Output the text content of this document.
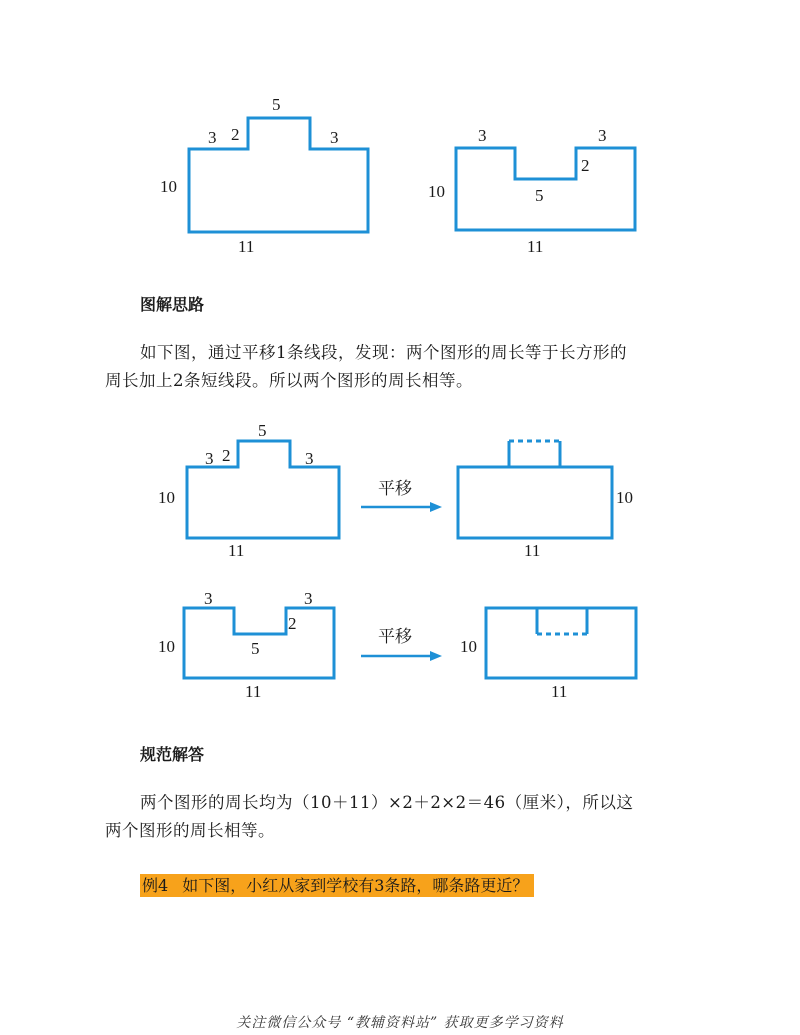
5
3 2	3
10
11
3	3
2
5
10
11
5
3 2	3
10
11
平移	10
11
3	3
2
5
10
11
平移
10
11
图解思路
如下图，通过平移1条线段，发现：两个图形的周长等于长方形的
周长加上2条短线段。所以两个图形的周长相等。
规范解答
两个图形的周长均为（10＋11）×2＋2×2＝46（厘米），所以这
两个图形的周长相等。
例4 如下图，小红从家到学校有3条路，哪条路更近？
关注微信公众号 “教辅资料站” 获取更多学习资料
